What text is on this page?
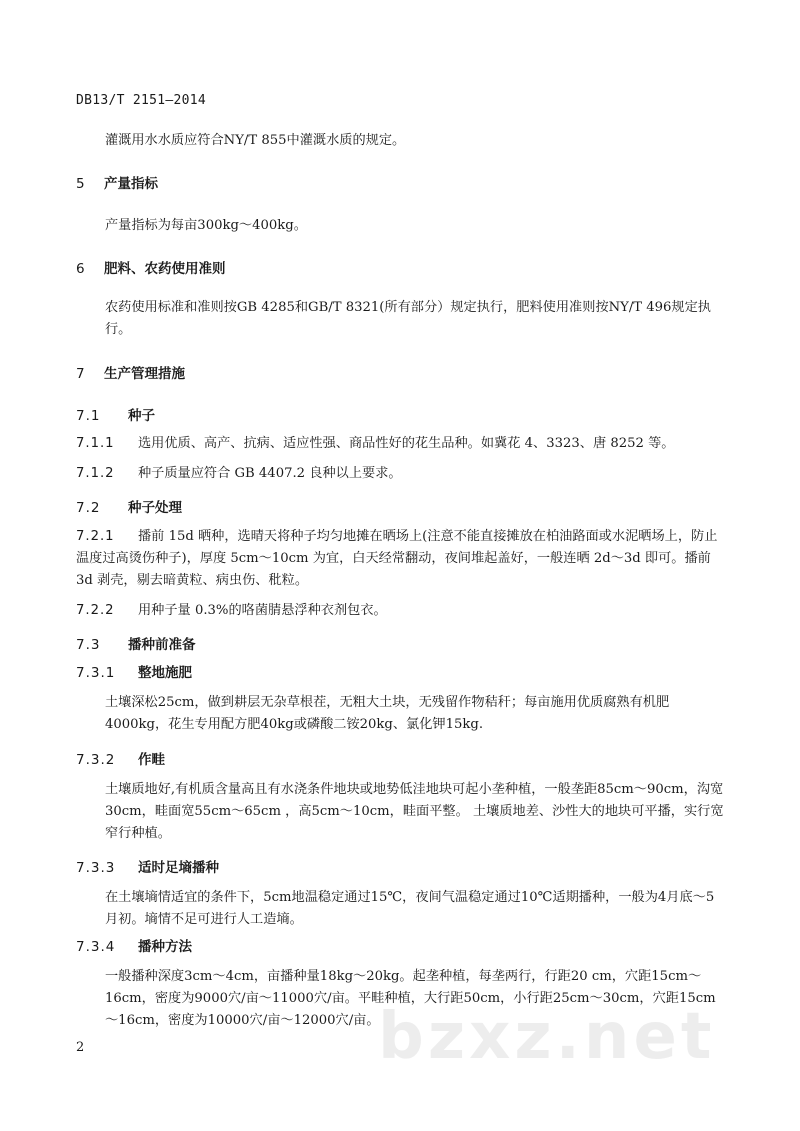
DB13/T 2151—2014
灌溉用水水质应符合NY/T 855中灌溉水质的规定。
5 产量指标
产量指标为每亩300kg～400kg。
6 肥料、农药使用准则
农药使用标准和准则按GB 4285和GB/T 8321(所有部分）规定执行，肥料使用准则按NY/T 496规定执行。
7 生产管理措施
7.1 种子
7.1.1 选用优质、高产、抗病、适应性强、商品性好的花生品种。如冀花 4、3323、唐 8252 等。
7.1.2 种子质量应符合 GB 4407.2 良种以上要求。
7.2 种子处理
7.2.1 播前 15d 晒种，选晴天将种子均匀地摊在晒场上(注意不能直接摊放在柏油路面或水泥晒场上，防止温度过高烫伤种子)，厚度 5cm～10cm 为宜，白天经常翻动，夜间堆起盖好，一般连晒 2d～3d 即可。播前 3d 剥壳，剔去暗黄粒、病虫伤、秕粒。
7.2.2 用种子量 0.3%的咯菌腈悬浮种衣剂包衣。
7.3 播种前准备
7.3.1 整地施肥
土壤深松25cm，做到耕层无杂草根茬，无粗大土块，无残留作物秸秆；每亩施用优质腐熟有机肥4000kg，花生专用配方肥40kg或磷酸二铵20kg、氯化钾15kg.
7.3.2 作畦
土壤质地好,有机质含量高且有水浇条件地块或地势低洼地块可起小垄种植，一般垄距85cm～90cm，沟宽30cm，畦面宽55cm～65cm ，高5cm～10cm，畦面平整。 土壤质地差、沙性大的地块可平播，实行宽窄行种植。
7.3.3 适时足墒播种
在土壤墒情适宜的条件下，5cm地温稳定通过15℃，夜间气温稳定通过10℃适期播种，一般为4月底～5月初。墒情不足可进行人工造墒。
7.3.4 播种方法
一般播种深度3cm～4cm，亩播种量18kg～20kg。起垄种植，每垄两行，行距20 cm，穴距15cm～16cm，密度为9000穴/亩～11000穴/亩。平畦种植，大行距50cm，小行距25cm～30cm，穴距15cm～16cm，密度为10000穴/亩～12000穴/亩。
bzxz.net
2
